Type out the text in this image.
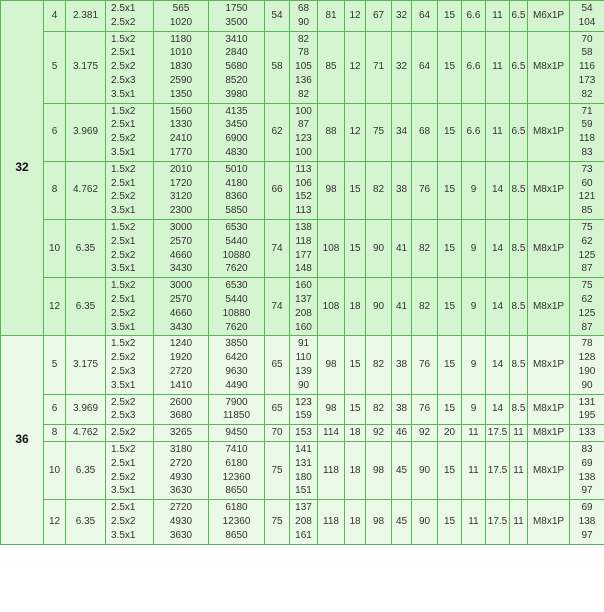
32	4	2.381	2.5x1
2.5x2	565
1020	1750
3500	54	68
90	81	12	67	32	64	15	6.6	11	6.5	M6x1P	54
104

	5	3.175	1.5x2
2.5x1
2.5x2
2.5x3
3.5x1	1180
1010
1830
2590
1350	3410
2840
5680
8520
3980	58	82
78
105
136
82	85	12	71	32	64	15	6.6	11	6.5	M8x1P	70
58
116
173
82

	6	3.969	1.5x2
2.5x1
2.5x2
3.5x1	1560
1330
2410
1770	4135
3450
6900
4830	62	100
87
123
100	88	12	75	34	68	15	6.6	11	6.5	M8x1P	71
59
118
83

	8	4.762	1.5x2
2.5x1
2.5x2
3.5x1	2010
1720
3120
2300	5010
4180
8360
5850	66	113
106
152
113	98	15	82	38	76	15	9	14	8.5	M8x1P	73
60
121
85

	10	6.35	1.5x2
2.5x1
2.5x2
3.5x1	3000
2570
4660
3430	6530
5440
10880
7620	74	138
118
177
148	108	15	90	41	82	15	9	14	8.5	M8x1P	75
62
125
87

	12	6.35	1.5x2
2.5x1
2.5x2
3.5x1	3000
2570
4660
3430	6530
5440
10880
7620	74	160
137
208
160	108	18	90	41	82	15	9	14	8.5	M8x1P	75
62
125
87

36	5	3.175	1.5x2
2.5x2
2.5x3
3.5x1	1240
1920
2720
1410	3850
6420
9630
4490	65	91
110
139
90	98	15	82	38	76	15	9	14	8.5	M8x1P	78
128
190
90

	6	3.969	2.5x2
2.5x3	2600
3680	7900
11850	65	123
159	98	15	82	38	76	15	9	14	8.5	M8x1P	131
195

	8	4.762	2.5x2	3265	9450	70	153	114	18	92	46	92	20	11	17.5	11	M8x1P	133

	10	6.35	1.5x2
2.5x1
2.5x2
3.5x1	3180
2720
4930
3630	7410
6180
12360
8650	75	141
131
180
151	118	18	98	45	90	15	11	17.5	11	M8x1P	83
69
138
97

	12	6.35	2.5x1
2.5x2
3.5x1	2720
4930
3630	6180
12360
8650	75	137
208
161	118	18	98	45	90	15	11	17.5	11	M8x1P	69
138
97
